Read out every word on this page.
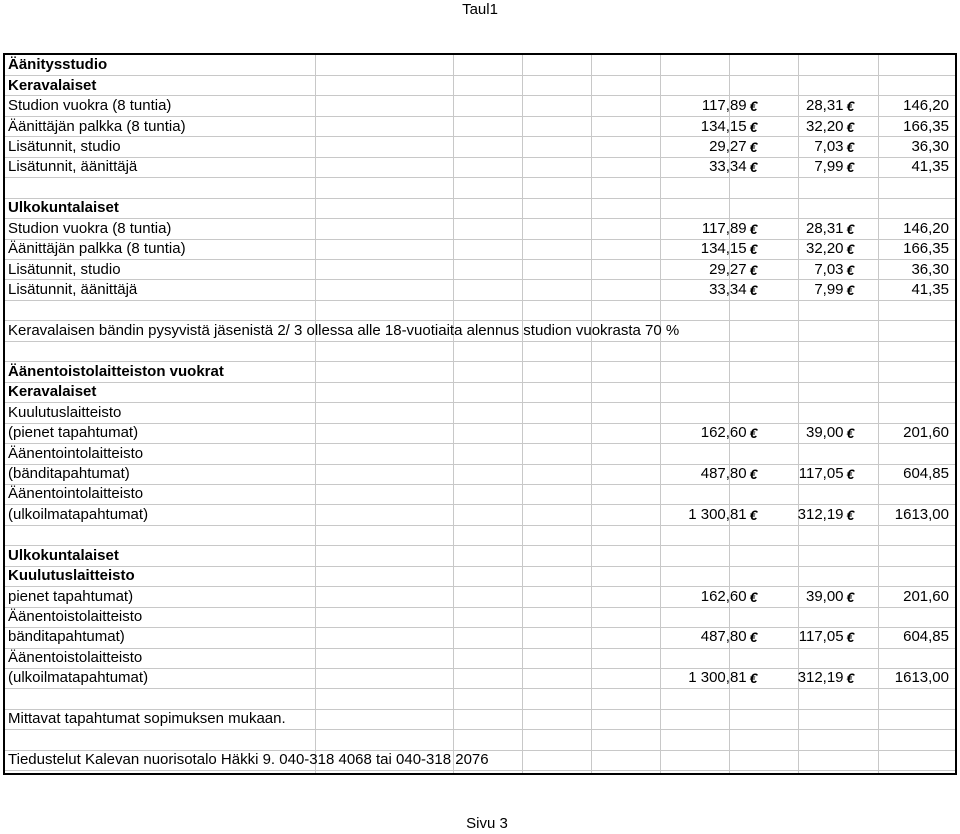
Taul1
Äänitysstudio					
Keravalaiset					
Studion vuokra (8 tuntia)	117,89	€	28,31	€	146,20
Äänittäjän palkka (8 tuntia)	134,15	€	32,20	€	166,35
Lisätunnit, studio	29,27	€	7,03	€	36,30
Lisätunnit, äänittäjä	33,34	€	7,99	€	41,35

Ulkokuntalaiset					
Studion vuokra (8 tuntia)	117,89	€	28,31	€	146,20
Äänittäjän palkka (8 tuntia)	134,15	€	32,20	€	166,35
Lisätunnit, studio	29,27	€	7,03	€	36,30
Lisätunnit, äänittäjä	33,34	€	7,99	€	41,35

Keravalaisen bändin pysyvistä jäsenistä 2/ 3 ollessa alle 18-vuotiaita alennus studion vuokrasta 70 %					

Äänentoistolaitteiston vuokrat					
Keravalaiset					
Kuulutuslaitteisto					
(pienet tapahtumat)	162,60	€	39,00	€	201,60
Äänentointolaitteisto					
(bänditapahtumat)	487,80	€	117,05	€	604,85
Äänentointolaitteisto					
(ulkoilmatapahtumat)	1 300,81	€	312,19	€	1613,00

Ulkokuntalaiset					
Kuulutuslaitteisto					
pienet tapahtumat)	162,60	€	39,00	€	201,60
Äänentoistolaitteisto					
bänditapahtumat)	487,80	€	117,05	€	604,85
Äänentoistolaitteisto					
(ulkoilmatapahtumat)	1 300,81	€	312,19	€	1613,00

Mittavat tapahtumat sopimuksen mukaan.					

Tiedustelut Kalevan nuorisotalo Häkki 9. 040-318 4068 tai 040-318 2076					

Sivu 3
